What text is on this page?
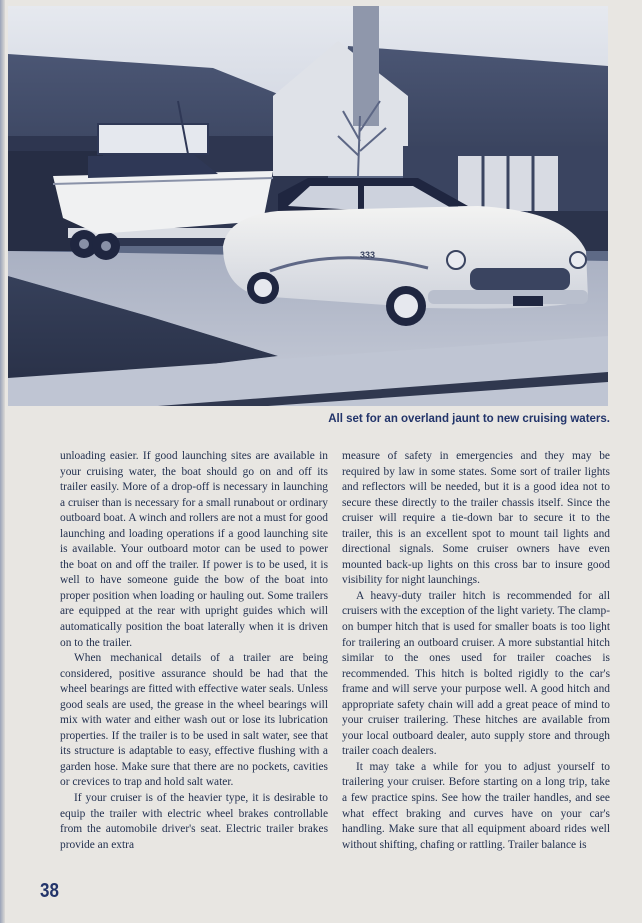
333
All set for an overland jaunt to new cruising waters.

unloading easier. If good launching sites are available in your cruising water, the boat should go on and off its trailer easily. More of a drop-off is necessary in launching a cruiser than is necessary for a small runabout or ordinary outboard boat. A winch and rollers are not a must for good launching and loading operations if a good launching site is available. Your outboard motor can be used to power the boat on and off the trailer. If power is to be used, it is well to have someone guide the bow of the boat into proper position when loading or hauling out. Some trailers are equipped at the rear with upright guides which will automatically position the boat laterally when it is driven on to the trailer.

When mechanical details of a trailer are being considered, positive assurance should be had that the wheel bearings are fitted with effective water seals. Unless good seals are used, the grease in the wheel bearings will mix with water and either wash out or lose its lubrication properties. If the trailer is to be used in salt water, see that its structure is adaptable to easy, effective flushing with a garden hose. Make sure that there are no pockets, cavities or crevices to trap and hold salt water.

If your cruiser is of the heavier type, it is desirable to equip the trailer with electric wheel brakes controllable from the automobile driver's seat. Electric trailer brakes provide an extra

measure of safety in emergencies and they may be required by law in some states. Some sort of trailer lights and reflectors will be needed, but it is a good idea not to secure these directly to the trailer chassis itself. Since the cruiser will require a tie-down bar to secure it to the trailer, this is an excellent spot to mount tail lights and directional signals. Some cruiser owners have even mounted back-up lights on this cross bar to insure good visibility for night launchings.

A heavy-duty trailer hitch is recommended for all cruisers with the exception of the light variety. The clamp-on bumper hitch that is used for smaller boats is too light for trailering an outboard cruiser. A more substantial hitch similar to the ones used for trailer coaches is recommended. This hitch is bolted rigidly to the car's frame and will serve your purpose well. A good hitch and appropriate safety chain will add a great peace of mind to your cruiser trailering. These hitches are available from your local outboard dealer, auto supply store and through trailer coach dealers.

It may take a while for you to adjust yourself to trailering your cruiser. Before starting on a long trip, take a few practice spins. See how the trailer handles, and see what effect braking and curves have on your car's handling. Make sure that all equipment aboard rides well without shifting, chafing or rattling. Trailer balance is

38
